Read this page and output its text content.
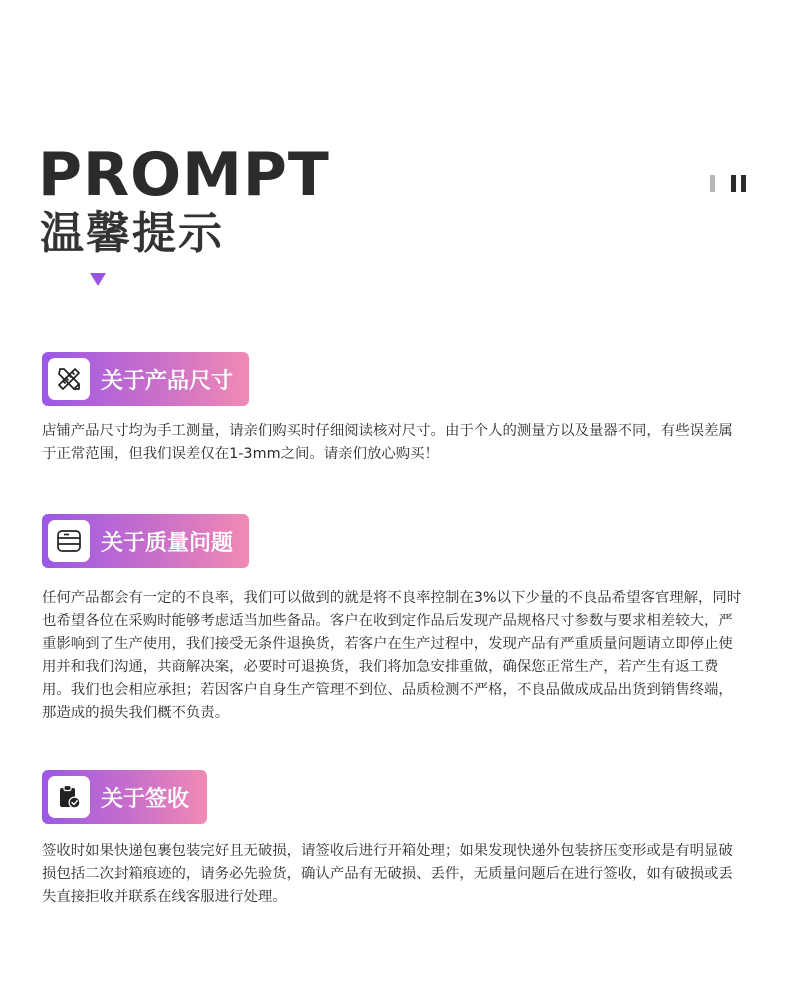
PROMPT
温馨提示
关于产品尺寸

店铺产品尺寸均为手工测量，请亲们购买时仔细阅读核对尺寸。由于个人的测量方以及量器不同，有些误差属于正常范围，但我们误差仅在1-3mm之间。请亲们放心购买！

关于质量问题

任何产品都会有一定的不良率，我们可以做到的就是将不良率控制在3%以下少量的不良品希望客官理解，同时也希望各位在采购时能够考虑适当加些备品。客户在收到定作品后发现产品规格尺寸参数与要求相差较大，严重影响到了生产使用，我们接受无条件退换货，若客户在生产过程中，发现产品有严重质量问题请立即停止使用并和我们沟通，共商解决案，必要时可退换货，我们将加急安排重做，确保您正常生产，若产生有返工费用。我们也会相应承担；若因客户自身生产管理不到位、品质检测不严格，不良品做成成品出货到销售终端，那造成的损失我们概不负责。

关于签收

签收时如果快递包裹包装完好且无破损，请签收后进行开箱处理；如果发现快递外包装挤压变形或是有明显破损包括二次封箱痕迹的，请务必先验货，确认产品有无破损、丢件，无质量问题后在进行签收，如有破损或丢失直接拒收并联系在线客服进行处理。
